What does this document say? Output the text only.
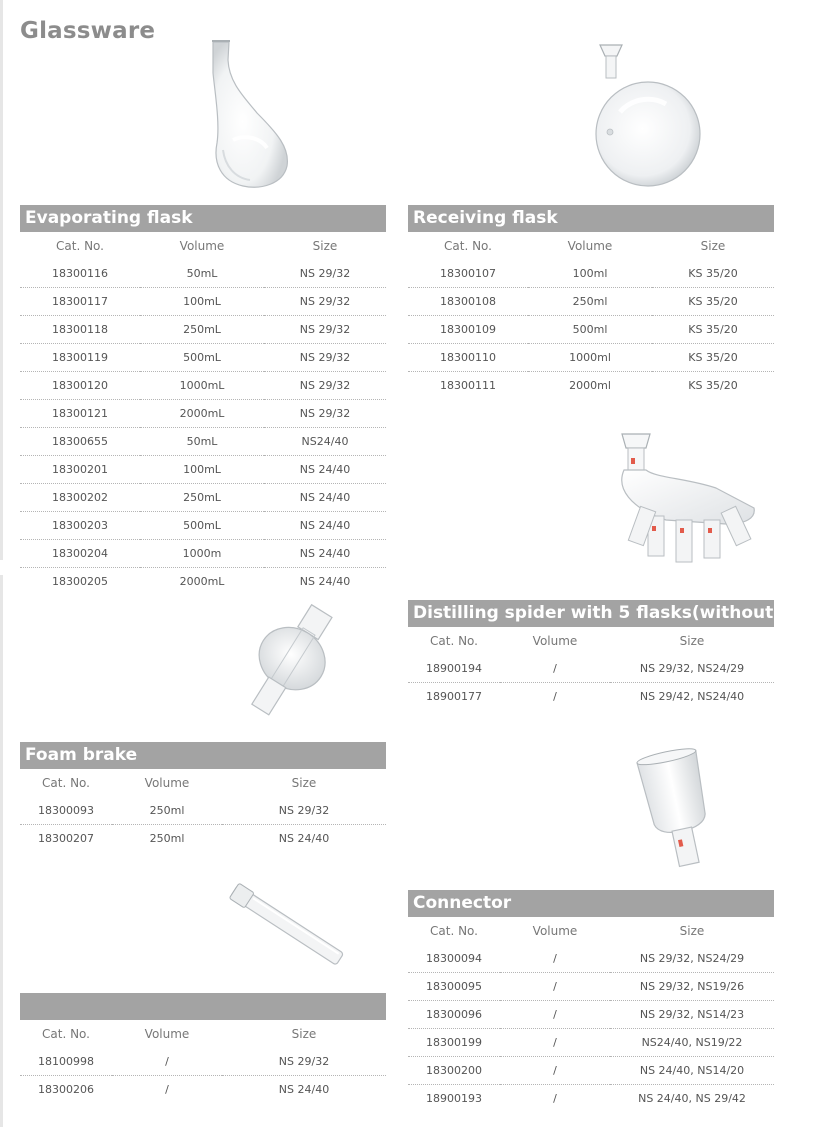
Glassware
Evaporating flask
Cat. No.	Volume	Size
18300116	50mL	NS 29/32
18300117	100mL	NS 29/32
18300118	250mL	NS 29/32
18300119	500mL	NS 29/32
18300120	1000mL	NS 29/32
18300121	2000mL	NS 29/32
18300655	50mL	NS24/40
18300201	100mL	NS 24/40
18300202	250mL	NS 24/40
18300203	500mL	NS 24/40
18300204	1000m	NS 24/40
18300205	2000mL	NS 24/40
Receiving flask
Cat. No.	Volume	Size
18300107	100ml	KS 35/20
18300108	250ml	KS 35/20
18300109	500ml	KS 35/20
18300110	1000ml	KS 35/20
18300111	2000ml	KS 35/20
Distilling spider with 5 flasks(without flask)
Cat. No.	Volume	Size
18900194	/	NS 29/32, NS24/29
18900177	/	NS 29/42, NS24/40
Foam brake
Cat. No.	Volume	Size
18300093	250ml	NS 29/32
18300207	250ml	NS 24/40
Connector
Cat. No.	Volume	Size
18300094	/	NS 29/32, NS24/29
18300095	/	NS 29/32, NS19/26
18300096	/	NS 29/32, NS14/23
18300199	/	NS24/40, NS19/22
18300200	/	NS 24/40, NS14/20
18900193	/	NS 24/40, NS 29/42
Cat. No.	Volume	Size
18100998	/	NS 29/32
18300206	/	NS 24/40
